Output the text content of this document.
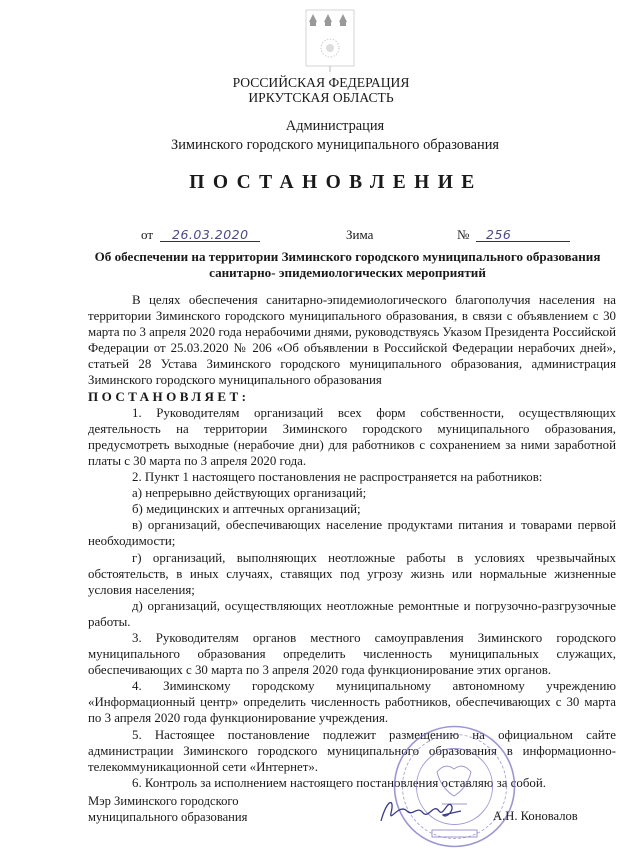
РОССИЙСКАЯ ФЕДЕРАЦИЯ
ИРКУТСКАЯ ОБЛАСТЬ
Администрация
Зиминского городского муниципального образования
ПОСТАНОВЛЕНИЕ
от	26.03.2020	Зима	№	256
Об обеспечении на территории Зиминского городского муниципального образования
санитарно- эпидемиологических мероприятий

В целях обеспечения санитарно-эпидемиологического благополучия населения на территории Зиминского городского муниципального образования, в связи с объявлением с 30 марта по 3 апреля 2020 года нерабочими днями, руководствуясь Указом Президента Российской Федерации от 25.03.2020 № 206 «Об объявлении в Российской Федерации нерабочих дней», статьей 28 Устава Зиминского городского муниципального образования, администрация Зиминского городского муниципального образования

ПОСТАНОВЛЯЕТ:

1. Руководителям организаций всех форм собственности, осуществляющих деятельность на территории Зиминского городского муниципального образования, предусмотреть выходные (нерабочие дни) для работников с сохранением за ними заработной платы с 30 марта по 3 апреля 2020 года.

2. Пункт 1 настоящего постановления не распространяется на работников:

а) непрерывно действующих организаций;

б) медицинских и аптечных организаций;

в) организаций, обеспечивающих население продуктами питания и товарами первой необходимости;

г) организаций, выполняющих неотложные работы в условиях чрезвычайных обстоятельств, в иных случаях, ставящих под угрозу жизнь или нормальные жизненные условия населения;

д) организаций, осуществляющих неотложные ремонтные и погрузочно-разгрузочные работы.

3. Руководителям органов местного самоуправления Зиминского городского муниципального образования определить численность муниципальных служащих, обеспечивающих с 30 марта по 3 апреля 2020 года функционирование этих органов.

4. Зиминскому городскому муниципальному автономному учреждению «Информационный центр» определить численность работников, обеспечивающих с 30 марта по 3 апреля 2020 года функционирование учреждения.

5. Настоящее постановление подлежит размещению на официальном сайте администрации Зиминского городского муниципального образования в информационно-телекоммуникационной сети «Интернет».

6. Контроль за исполнением настоящего постановления оставляю за собой.

Мэр Зиминского городского
муниципального образования	А.Н. Коновалов
